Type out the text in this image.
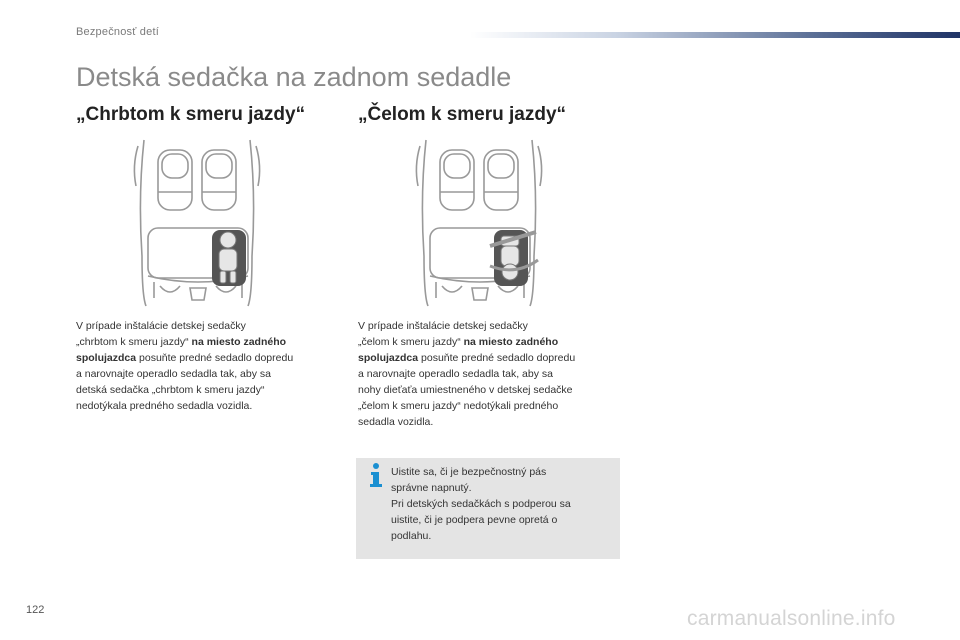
Bezpečnosť detí
Detská sedačka na zadnom sedadle
„Chrbtom k smeru jazdy“	„Čelom k smeru jazdy“
V prípade inštalácie detskej sedačky
„chrbtom k smeru jazdy“ na miesto zadného
spolujazdca posuňte predné sedadlo dopredu
a narovnajte operadlo sedadla tak, aby sa
detská sedačka „chrbtom k smeru jazdy“
nedotýkala predného sedadla vozidla.
V prípade inštalácie detskej sedačky
„čelom k smeru jazdy“ na miesto zadného
spolujazdca posuňte predné sedadlo dopredu
a narovnajte operadlo sedadla tak, aby sa
nohy dieťaťa umiestneného v detskej sedačke
„čelom k smeru jazdy“ nedotýkali predného
sedadla vozidla.
Uistite sa, či je bezpečnostný pás
správne napnutý.
Pri detských sedačkách s podperou sa
uistite, či je podpera pevne opretá o
podlahu.
122	carmanualsonline.info
